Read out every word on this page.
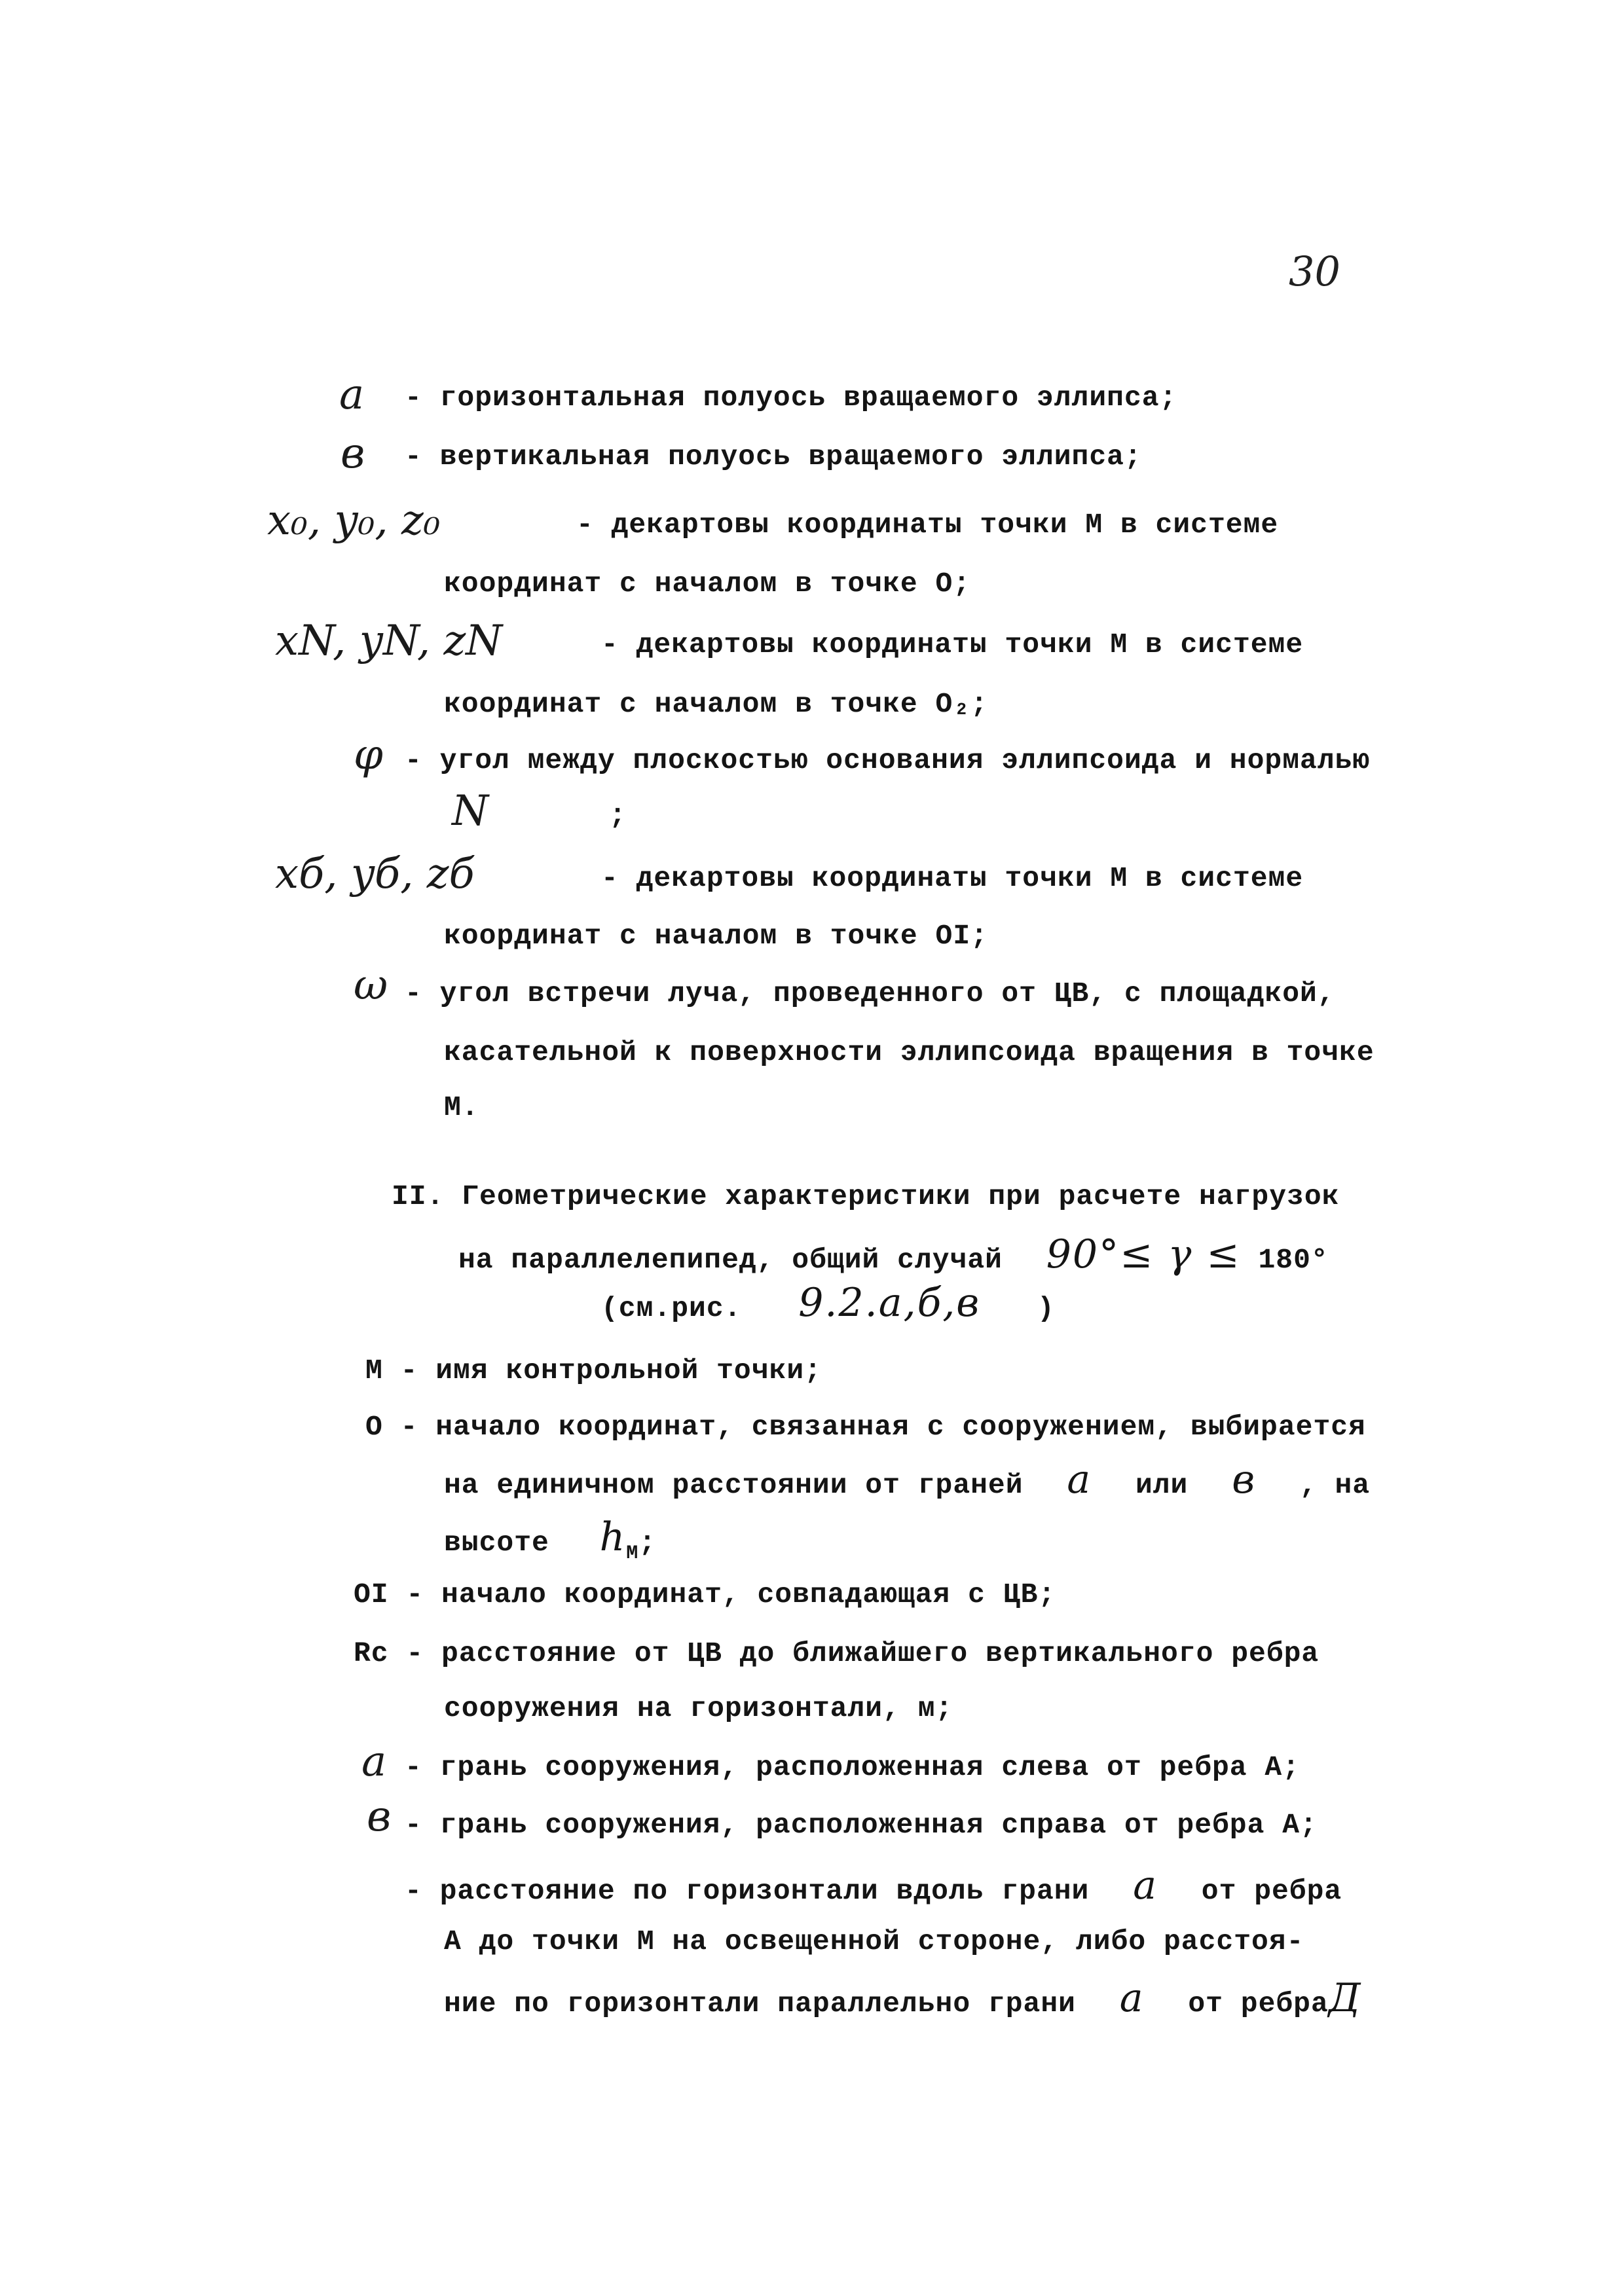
30
a - горизонтальная полуось вращаемого эллипса;
в - вертикальная полуось вращаемого эллипса;
x₀, y₀, z₀	- декартовы координаты точки М в системе
координат с началом в точке О;
xN, yN, zN	- декартовы координаты точки М в системе
координат с началом в точке О₂;
φ - угол между плоскостью основания эллипсоида и нормалью
N	;
xб, yб, zб	- декартовы координаты точки М в системе
координат с началом в точке ОI;
ω - угол встречи луча, проведенного от ЦВ, с площадкой,
касательной к поверхности эллипсоида вращения в точке
М.
II. Геометрические характеристики при расчете нагрузок
на параллелепипед, общий случай 90°≤ γ ≤ 180°
(см.рис. 9.2.а,б,в )
М - имя контрольной точки;
О - начало координат, связанная с сооружением, выбирается
на единичном расстоянии от граней a или в , на
высоте $h_М$;
ОI - начало координат, совпадающая с ЦВ;
Rс - расстояние от ЦВ до ближайшего вертикального ребра
сооружения на горизонтали, м;
a - грань сооружения, расположенная слева от ребра А;
в - грань сооружения, расположенная справа от ребра А;
- расстояние по горизонтали вдоль грани a от ребра
А до точки М на освещенной стороне, либо расстоя-
ние по горизонтали параллельно грани a от ребраД
